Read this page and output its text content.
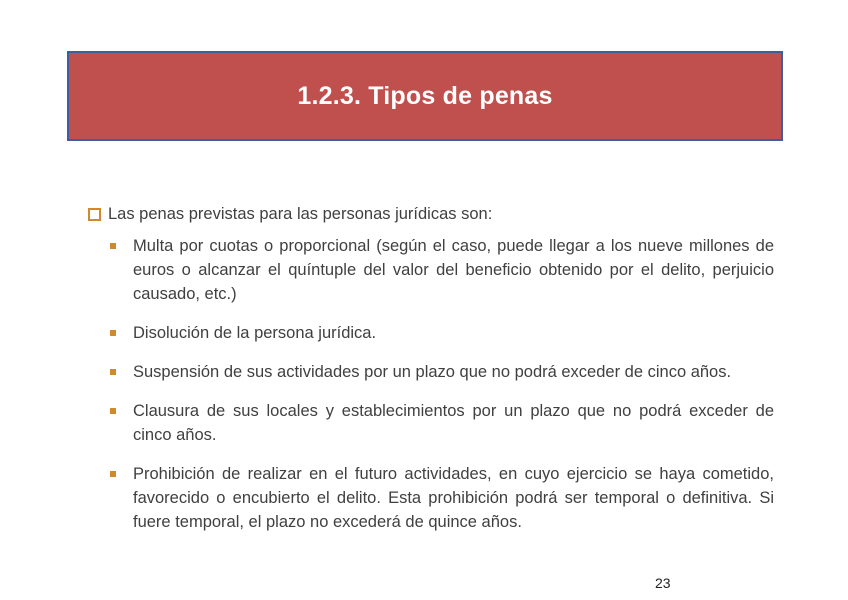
1.2.3. Tipos de penas
Las penas previstas para las personas jurídicas son:
Multa por cuotas o proporcional (según el caso, puede llegar a los nueve millones de euros o alcanzar el quíntuple del valor del beneficio obtenido por el delito, perjuicio causado, etc.)
Disolución de la persona jurídica.
Suspensión de sus actividades por un plazo que no podrá exceder de cinco años.
Clausura de sus locales y establecimientos por un plazo que no podrá exceder de cinco años.
Prohibición de realizar en el futuro actividades, en cuyo ejercicio se haya cometido, favorecido o encubierto el delito. Esta prohibición podrá ser temporal o definitiva. Si fuere temporal, el plazo no excederá de quince años.
23
